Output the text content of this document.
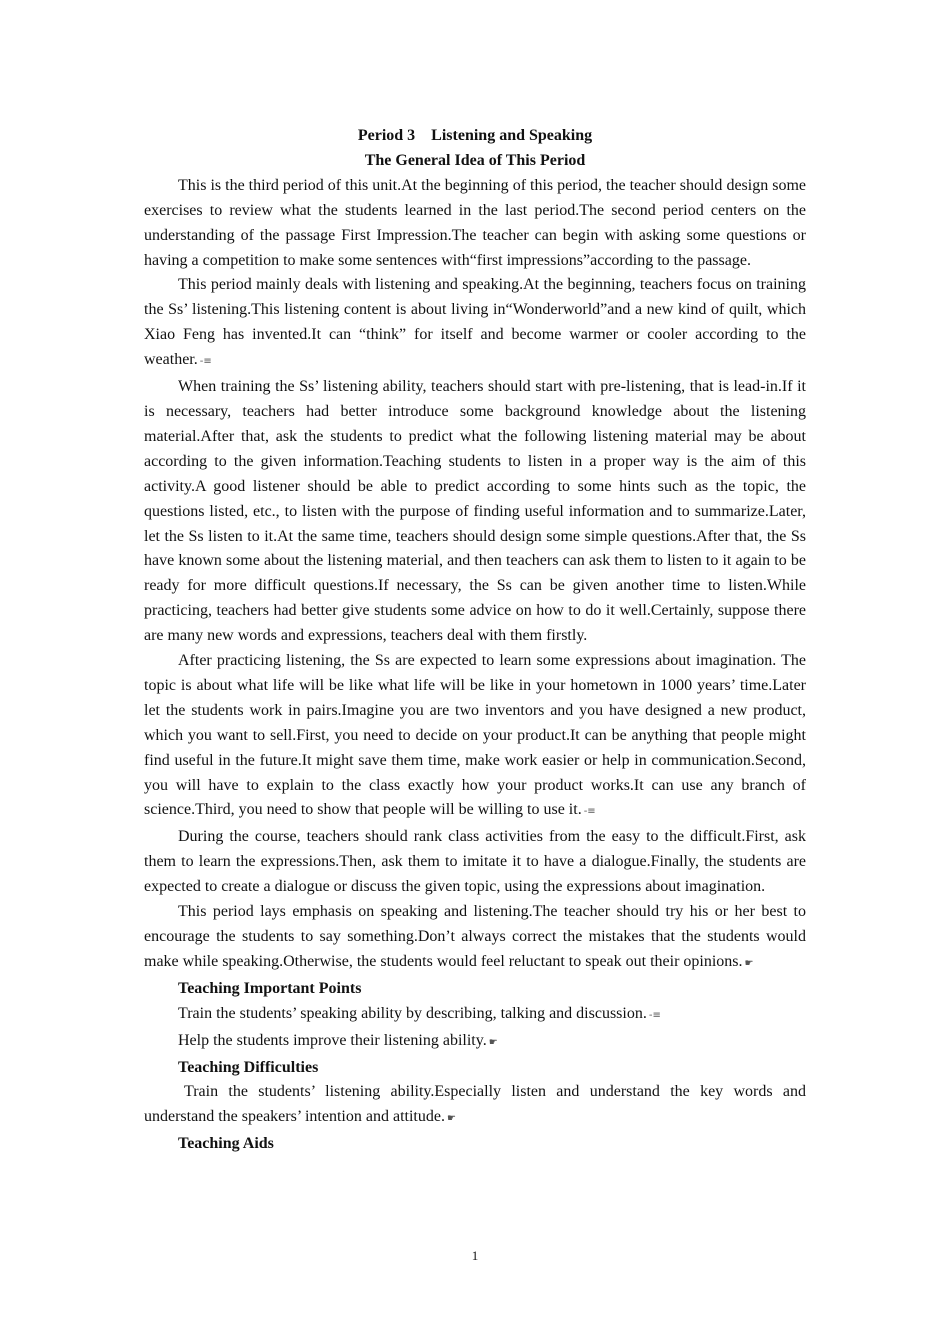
Period 3    Listening and Speaking

The General Idea of This Period

This is the third period of this unit.At the beginning of this period, the teacher should design some exercises to review what the students learned in the last period.The second period centers on the understanding of the passage First Impression.The teacher can begin with asking some questions or having a competition to make some sentences with“first impressions”according to the passage.

This period mainly deals with listening and speaking.At the beginning, teachers focus on training the Ss’ listening.This listening content is about living in“Wonderworld”and a new kind of quilt, which Xiao Feng has invented.It can “think” for itself and become warmer or cooler according to the weather. -≡

When training the Ss’ listening ability, teachers should start with pre-listening, that is lead-in.If it is necessary, teachers had better introduce some background knowledge about the listening material.After that, ask the students to predict what the following listening material may be about according to the given information.Teaching students to listen in a proper way is the aim of this activity.A good listener should be able to predict according to some hints such as the topic, the questions listed, etc., to listen with the purpose of finding useful information and to summarize.Later, let the Ss listen to it.At the same time, teachers should design some simple questions.After that, the Ss have known some about the listening material, and then teachers can ask them to listen to it again to be ready for more difficult questions.If necessary, the Ss can be given another time to listen.While practicing, teachers had better give students some advice on how to do it well.Certainly, suppose there are many new words and expressions, teachers deal with them firstly.

After practicing listening, the Ss are expected to learn some expressions about imagination. The topic is about what life will be like what life will be like in your hometown in 1000 years’ time.Later let the students work in pairs.Imagine you are two inventors and you have designed a new product, which you want to sell.First, you need to decide on your product.It can be anything that people might find useful in the future.It might save them time, make work easier or help in communication.Second, you will have to explain to the class exactly how your product works.It can use any branch of science.Third, you need to show that people will be willing to use it. -≡

During the course, teachers should rank class activities from the easy to the difficult.First, ask them to learn the expressions.Then, ask them to imitate it to have a dialogue.Finally, the students are expected to create a dialogue or discuss the given topic, using the expressions about imagination.

This period lays emphasis on speaking and listening.The teacher should try his or her best to encourage the students to say something.Don’t always correct the mistakes that the students would make while speaking.Otherwise, the students would feel reluctant to speak out their opinions. ☛

Teaching Important Points

Train the students’ speaking ability by describing, talking and discussion. -≡

Help the students improve their listening ability. ☛

Teaching Difficulties

Train the students’ listening ability.Especially listen and understand the key words and understand the speakers’ intention and attitude. ☛

Teaching Aids

1
